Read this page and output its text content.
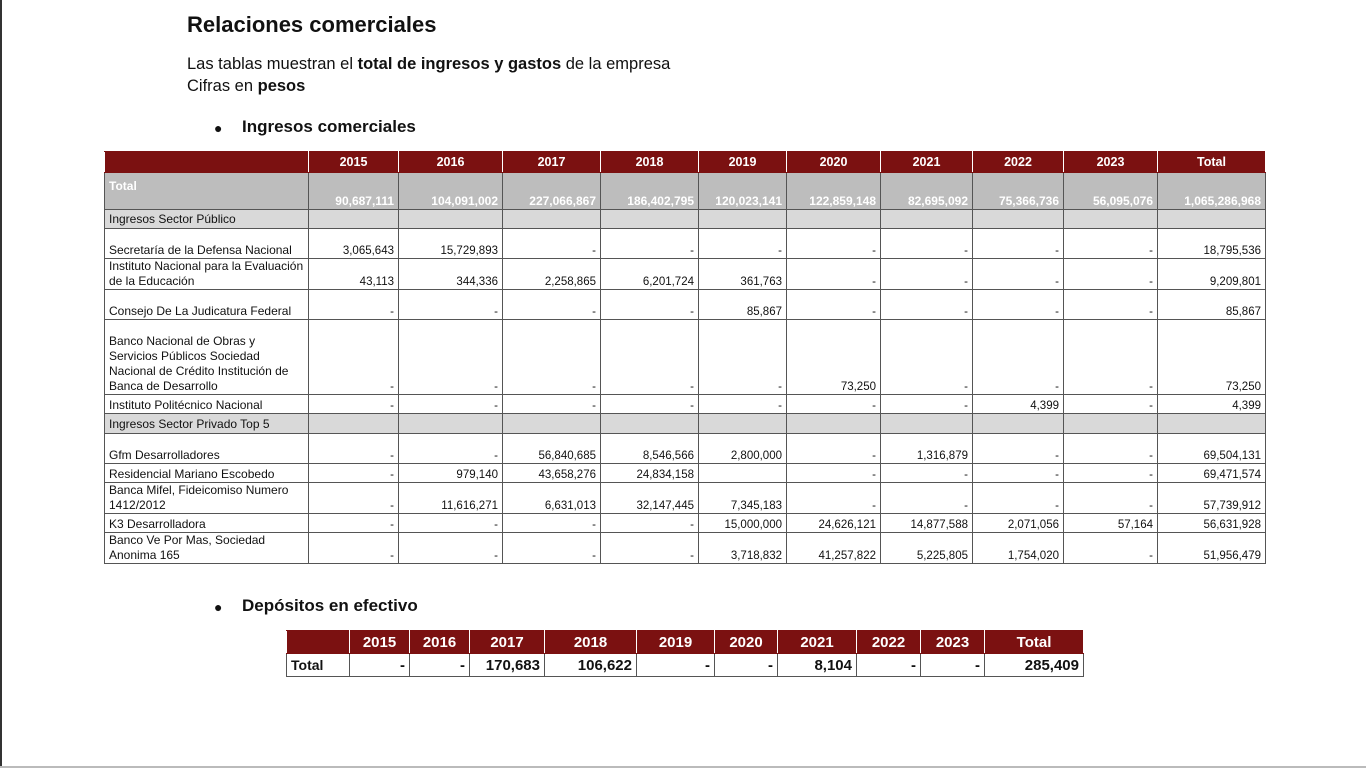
Relaciones comerciales
Las tablas muestran el total de ingresos y gastos de la empresa
Cifras en pesos
● Ingresos comerciales
	2015	2016	2017	2018	2019	2020	2021	2022	2023	Total
Total	90,687,111	104,091,002	227,066,867	186,402,795	120,023,141	122,859,148	82,695,092	75,366,736	56,095,076	1,065,286,968
Ingresos Sector Público										
Secretaría de la Defensa Nacional	3,065,643	15,729,893	-	-	-	-	-	-	-	18,795,536
Instituto Nacional para la Evaluación de la Educación	43,113	344,336	2,258,865	6,201,724	361,763	-	-	-	-	9,209,801
Consejo De La Judicatura Federal	-	-	-	-	85,867	-	-	-	-	85,867
Banco Nacional de Obras y Servicios Públicos Sociedad Nacional de Crédito Institución de Banca de Desarrollo	-	-	-	-	-	73,250	-	-	-	73,250
Instituto Politécnico Nacional	-	-	-	-	-	-	-	4,399	-	4,399
Ingresos Sector Privado Top 5										
Gfm Desarrolladores	-	-	56,840,685	8,546,566	2,800,000	-	1,316,879	-	-	69,504,131
Residencial Mariano Escobedo	-	979,140	43,658,276	24,834,158		-	-	-	-	69,471,574
Banca Mifel, Fideicomiso Numero 1412/2012	-	11,616,271	6,631,013	32,147,445	7,345,183	-	-	-	-	57,739,912
K3 Desarrolladora	-	-	-	-	15,000,000	24,626,121	14,877,588	2,071,056	57,164	56,631,928
Banco Ve Por Mas, Sociedad Anonima 165	-	-	-	-	3,718,832	41,257,822	5,225,805	1,754,020	-	51,956,479
● Depósitos en efectivo
	2015	2016	2017	2018	2019	2020	2021	2022	2023	Total
Total	-	-	170,683	106,622	-	-	8,104	-	-	285,409
